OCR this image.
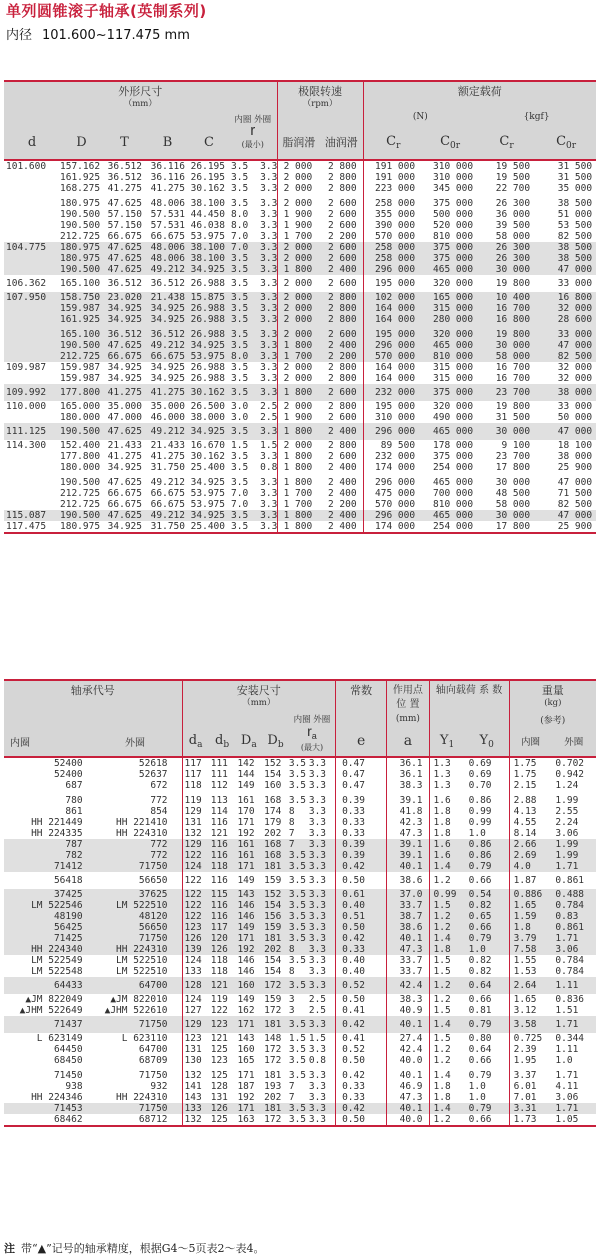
单列圆锥滚子轴承(英制系列)
内径 101.600~117.475 mm
外形尺寸
（mm）						极限转速
（rpm）		额定载荷			
					内圈 外圈			(N)		{kgf}	
d	D	T	B	C	r
(最小)	脂润滑	油润滑	$C_r$	$C_{0r}$	$C_r$	$C_{0r}$

101.600	157.162	36.512	36.116	26.195	3.5 3.3	2 000	2 800	191 000	310 000	19 500	31 500
	161.925	36.512	36.116	26.195	3.5 3.3	2 000	2 800	191 000	310 000	19 500	31 500
	168.275	41.275	41.275	30.162	3.5 3.3	2 000	2 800	223 000	345 000	22 700	35 000

	180.975	47.625	48.006	38.100	3.5 3.3	2 000	2 600	258 000	375 000	26 300	38 500
	190.500	57.150	57.531	44.450	8.0 3.3	1 900	2 600	355 000	500 000	36 000	51 000
	190.500	57.150	57.531	46.038	8.0 3.3	1 900	2 600	390 000	520 000	39 500	53 500
	212.725	66.675	66.675	53.975	7.0 3.3	1 700	2 200	570 000	810 000	58 000	82 500
104.775	180.975	47.625	48.006	38.100	7.0 3.3	2 000	2 600	258 000	375 000	26 300	38 500
	180.975	47.625	48.006	38.100	3.5 3.3	2 000	2 600	258 000	375 000	26 300	38 500
	190.500	47.625	49.212	34.925	3.5 3.3	1 800	2 400	296 000	465 000	30 000	47 000
106.362	165.100	36.512	36.512	26.988	3.5 3.3	2 000	2 600	195 000	320 000	19 800	33 000
107.950	158.750	23.020	21.438	15.875	3.5 3.3	2 000	2 800	102 000	165 000	10 400	16 800
	159.987	34.925	34.925	26.988	3.5 3.3	2 000	2 800	164 000	315 000	16 700	32 000
	161.925	34.925	34.925	26.988	3.5 3.3	2 000	2 800	164 000	280 000	16 800	28 600

	165.100	36.512	36.512	26.988	3.5 3.3	2 000	2 600	195 000	320 000	19 800	33 000
	190.500	47.625	49.212	34.925	3.5 3.3	1 800	2 400	296 000	465 000	30 000	47 000
	212.725	66.675	66.675	53.975	8.0 3.3	1 700	2 200	570 000	810 000	58 000	82 500
109.987	159.987	34.925	34.925	26.988	3.5 3.3	2 000	2 800	164 000	315 000	16 700	32 000
	159.987	34.925	34.925	26.988	3.5 3.3	2 000	2 800	164 000	315 000	16 700	32 000
109.992	177.800	41.275	41.275	30.162	3.5 3.3	1 800	2 600	232 000	375 000	23 700	38 000
110.000	165.000	35.000	35.000	26.500	3.0 2.5	2 000	2 800	195 000	320 000	19 800	33 000
	180.000	47.000	46.000	38.000	3.0 2.5	1 900	2 600	310 000	490 000	31 500	50 000
111.125	190.500	47.625	49.212	34.925	3.5 3.3	1 800	2 400	296 000	465 000	30 000	47 000
114.300	152.400	21.433	21.433	16.670	1.5 1.5	2 000	2 800	89 500	178 000	9 100	18 100
	177.800	41.275	41.275	30.162	3.5 3.3	1 800	2 600	232 000	375 000	23 700	38 000
	180.000	34.925	31.750	25.400	3.5 0.8	1 800	2 400	174 000	254 000	17 800	25 900

	190.500	47.625	49.212	34.925	3.5 3.3	1 800	2 400	296 000	465 000	30 000	47 000
	212.725	66.675	66.675	53.975	7.0 3.3	1 700	2 400	475 000	700 000	48 500	71 500
	212.725	66.675	66.675	53.975	7.0 3.3	1 700	2 200	570 000	810 000	58 000	82 500
115.087	190.500	47.625	49.212	34.925	3.5 3.3	1 800	2 400	296 000	465 000	30 000	47 000
117.475	180.975	34.925	31.750	25.400	3.5 3.3	1 800	2 400	174 000	254 000	17 800	25 900

轴承代号		安装尺寸
（mm）					常数	作用点 位 置	轴向载荷 系 数		重量
(kg)	

						内圈 外圈		(mm)			(参考)	
内圈	外圈	$d_a$	$d_b$	$D_a$	$D_b$	$r_a$
(最大)	e	a	$Y_1$	$Y_0$	内圈	外圈

52400	52618	117	111	142	152	3.5 3.3	0.47	36.1	1.3	0.69	1.75	0.702
52400	52637	117	111	144	154	3.5 3.3	0.47	36.1	1.3	0.69	1.75	0.942
687	672	118	112	149	160	3.5 3.3	0.47	38.3	1.3	0.70	2.15	1.24

780	772	119	113	161	168	3.5 3.3	0.39	39.1	1.6	0.86	2.88	1.99
861	854	129	114	170	174	8 3.3	0.33	41.8	1.8	0.99	4.13	2.55
HH 221449	HH 221410	131	116	171	179	8 3.3	0.33	42.3	1.8	0.99	4.55	2.24
HH 224335	HH 224310	132	121	192	202	7 3.3	0.33	47.3	1.8	1.0	8.14	3.06
787	772	129	116	161	168	7 3.3	0.39	39.1	1.6	0.86	2.66	1.99
782	772	122	116	161	168	3.5 3.3	0.39	39.1	1.6	0.86	2.69	1.99
71412	71750	124	118	171	181	3.5 3.3	0.42	40.1	1.4	0.79	4.0	1.71
56418	56650	122	116	149	159	3.5 3.3	0.50	38.6	1.2	0.66	1.87	0.861
37425	37625	122	115	143	152	3.5 3.3	0.61	37.0	0.99	0.54	0.886	0.488
LM 522546	LM 522510	122	116	146	154	3.5 3.3	0.40	33.7	1.5	0.82	1.65	0.784
48190	48120	122	116	146	156	3.5 3.3	0.51	38.7	1.2	0.65	1.59	0.83
56425	56650	123	117	149	159	3.5 3.3	0.50	38.6	1.2	0.66	1.8	0.861
71425	71750	126	120	171	181	3.5 3.3	0.42	40.1	1.4	0.79	3.79	1.71
HH 224340	HH 224310	139	126	192	202	8 3.3	0.33	47.3	1.8	1.0	7.58	3.06
LM 522549	LM 522510	124	118	146	154	3.5 3.3	0.40	33.7	1.5	0.82	1.55	0.784
LM 522548	LM 522510	133	118	146	154	8 3.3	0.40	33.7	1.5	0.82	1.53	0.784
64433	64700	128	121	160	172	3.5 3.3	0.52	42.4	1.2	0.64	2.64	1.11
▲JM 822049	▲JM 822010	124	119	149	159	3 2.5	0.50	38.3	1.2	0.66	1.65	0.836
▲JHM 522649	▲JHM 522610	127	122	162	172	3 2.5	0.41	40.9	1.5	0.81	3.12	1.51
71437	71750	129	123	171	181	3.5 3.3	0.42	40.1	1.4	0.79	3.58	1.71
L 623149	L 623110	123	121	143	148	1.5 1.5	0.41	27.4	1.5	0.80	0.725	0.344
64450	64700	131	125	160	172	3.5 3.3	0.52	42.4	1.2	0.64	2.39	1.11
68450	68709	130	123	165	172	3.5 0.8	0.50	40.0	1.2	0.66	1.95	1.0

71450	71750	132	125	171	181	3.5 3.3	0.42	40.1	1.4	0.79	3.37	1.71
938	932	141	128	187	193	7 3.3	0.33	46.9	1.8	1.0	6.01	4.11
HH 224346	HH 224310	143	131	192	202	7 3.3	0.33	47.3	1.8	1.0	7.01	3.06
71453	71750	133	126	171	181	3.5 3.3	0.42	40.1	1.4	0.79	3.31	1.71
68462	68712	132	125	163	172	3.5 3.3	0.50	40.0	1.2	0.66	1.73	1.05

注 带“▲”记号的轴承精度，根据G4～5页表2～表4。
